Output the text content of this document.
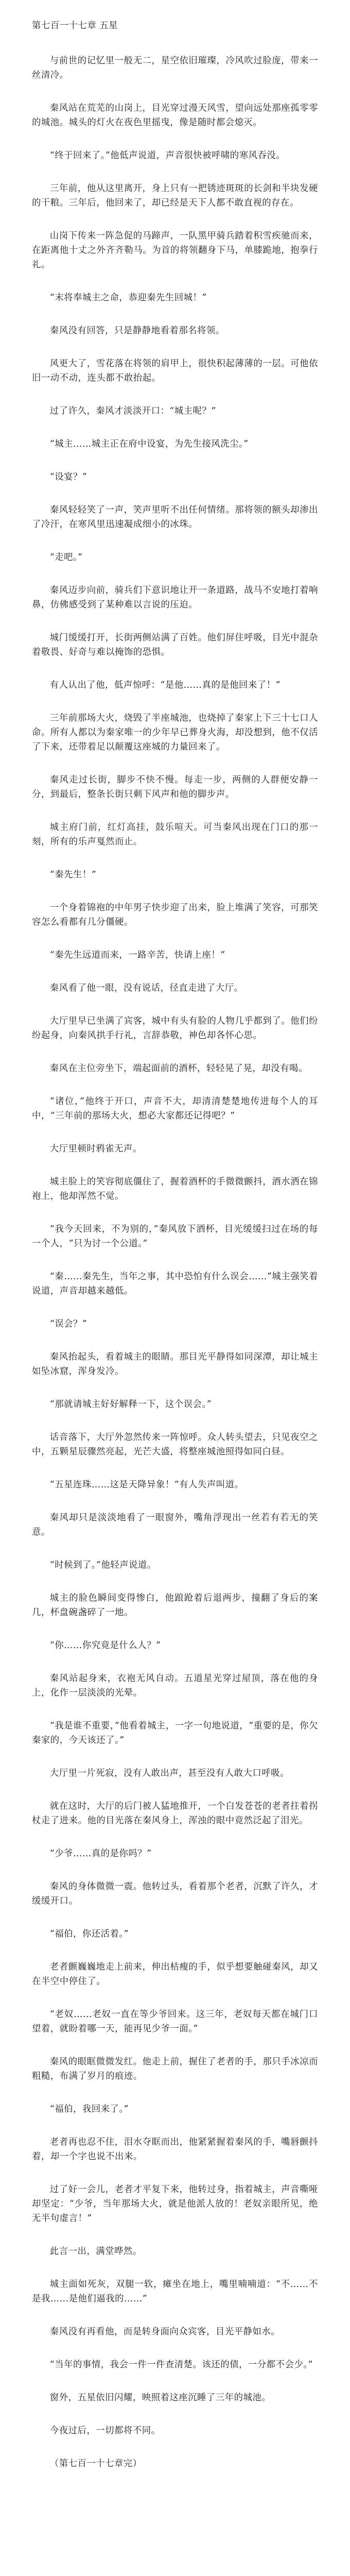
第七百一十七章 五星

与前世的记忆里一般无二，星空依旧璀璨，冷风吹过脸庞，带来一丝清冷。

秦风站在荒芜的山岗上，目光穿过漫天风雪，望向远处那座孤零零的城池。城头的灯火在夜色里摇曳，像是随时都会熄灭。

“终于回来了。”他低声说道，声音很快被呼啸的寒风吞没。

三年前，他从这里离开，身上只有一把锈迹斑斑的长剑和半块发硬的干粮。三年后，他回来了，却已经是天下人都不敢直视的存在。

山岗下传来一阵急促的马蹄声，一队黑甲骑兵踏着积雪疾驰而来，在距离他十丈之外齐齐勒马。为首的将领翻身下马，单膝跪地，抱拳行礼。

“末将奉城主之命，恭迎秦先生回城！”

秦风没有回答，只是静静地看着那名将领。

风更大了，雪花落在将领的肩甲上，很快积起薄薄的一层。可他依旧一动不动，连头都不敢抬起。

过了许久，秦风才淡淡开口：“城主呢？”

“城主……城主正在府中设宴，为先生接风洗尘。”

“设宴？”

秦风轻轻笑了一声，笑声里听不出任何情绪。那将领的额头却渗出了冷汗，在寒风里迅速凝成细小的冰珠。

“走吧。”

秦风迈步向前，骑兵们下意识地让开一条道路，战马不安地打着响鼻，仿佛感受到了某种难以言说的压迫。

城门缓缓打开，长街两侧站满了百姓。他们屏住呼吸，目光中混杂着敬畏、好奇与难以掩饰的恐惧。

有人认出了他，低声惊呼：“是他……真的是他回来了！”

三年前那场大火，烧毁了半座城池，也烧掉了秦家上下三十七口人命。所有人都以为秦家唯一的少年早已葬身火海，却没想到，他不仅活了下来，还带着足以颠覆这座城的力量回来了。

秦风走过长街，脚步不快不慢。每走一步，两侧的人群便安静一分，到最后，整条长街只剩下风声和他的脚步声。

城主府门前，红灯高挂，鼓乐喧天。可当秦风出现在门口的那一刻，所有的乐声戛然而止。

“秦先生！”

一个身着锦袍的中年男子快步迎了出来，脸上堆满了笑容，可那笑容怎么看都有几分僵硬。

“秦先生远道而来，一路辛苦，快请上座！”

秦风看了他一眼，没有说话，径直走进了大厅。

大厅里早已坐满了宾客，城中有头有脸的人物几乎都到了。他们纷纷起身，向秦风拱手行礼，言辞恭敬，神色却各怀心思。

秦风在主位旁坐下，端起面前的酒杯，轻轻晃了晃，却没有喝。

“诸位，”他终于开口，声音不大，却清清楚楚地传进每个人的耳中，“三年前的那场大火，想必大家都还记得吧？”

大厅里顿时鸦雀无声。

城主脸上的笑容彻底僵住了，握着酒杯的手微微颤抖，酒水洒在锦袍上，他却浑然不觉。

“我今天回来，不为别的，”秦风放下酒杯，目光缓缓扫过在场的每一个人，“只为讨一个公道。”

“秦……秦先生，当年之事，其中恐怕有什么误会……”城主强笑着说道，声音却越来越低。

“误会？”

秦风抬起头，看着城主的眼睛。那目光平静得如同深潭，却让城主如坠冰窟，浑身发冷。

“那就请城主好好解释一下，这个误会。”

话音落下，大厅外忽然传来一阵惊呼。众人转头望去，只见夜空之中，五颗星辰骤然亮起，光芒大盛，将整座城池照得如同白昼。

“五星连珠……这是天降异象！”有人失声叫道。

秦风却只是淡淡地看了一眼窗外，嘴角浮现出一丝若有若无的笑意。

“时候到了。”他轻声说道。

城主的脸色瞬间变得惨白，他踉跄着后退两步，撞翻了身后的案几，杯盘碗盏碎了一地。

“你……你究竟是什么人？”

秦风站起身来，衣袍无风自动。五道星光穿过屋顶，落在他的身上，化作一层淡淡的光晕。

“我是谁不重要，”他看着城主，一字一句地说道，“重要的是，你欠秦家的，今天该还了。”

大厅里一片死寂，没有人敢出声，甚至没有人敢大口呼吸。

就在这时，大厅的后门被人猛地推开，一个白发苍苍的老者拄着拐杖走了进来。他的目光落在秦风身上，浑浊的眼中竟然泛起了泪光。

“少爷……真的是你吗？”

秦风的身体微微一震。他转过头，看着那个老者，沉默了许久，才缓缓开口。

“福伯，你还活着。”

老者颤巍巍地走上前来，伸出枯瘦的手，似乎想要触碰秦风，却又在半空中停住了。

“老奴……老奴一直在等少爷回来。这三年，老奴每天都在城门口望着，就盼着哪一天，能再见少爷一面。”

秦风的眼眶微微发红。他走上前，握住了老者的手，那只手冰凉而粗糙，布满了岁月的痕迹。

“福伯，我回来了。”

老者再也忍不住，泪水夺眶而出，他紧紧握着秦风的手，嘴唇颤抖着，却一个字也说不出来。

过了好一会儿，老者才平复下来，他转过身，指着城主，声音嘶哑却坚定：“少爷，当年那场大火，就是他派人放的！老奴亲眼所见，绝无半句虚言！”

此言一出，满堂哗然。

城主面如死灰，双腿一软，瘫坐在地上，嘴里喃喃道：“不……不是我……是他们逼我的……”

秦风没有再看他，而是转身面向众宾客，目光平静如水。

“当年的事情，我会一件一件查清楚。该还的债，一分都不会少。”

窗外，五星依旧闪耀，映照着这座沉睡了三年的城池。

今夜过后，一切都将不同。

（第七百一十七章完）
